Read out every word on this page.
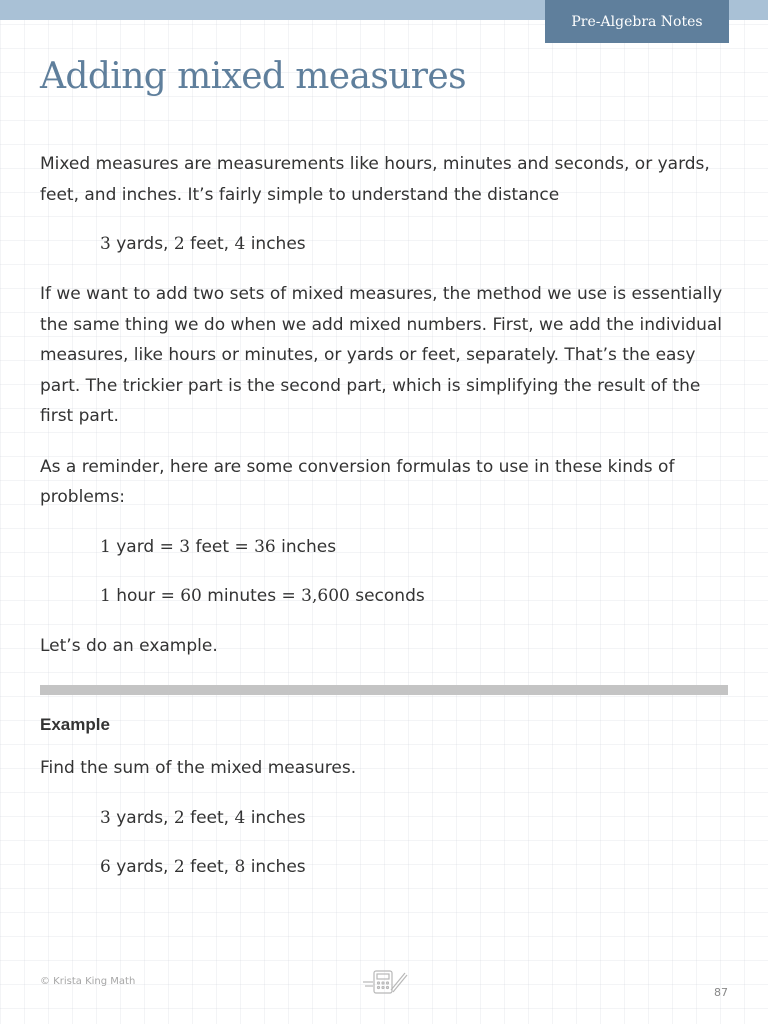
Pre-Algebra Notes
Adding mixed measures

Mixed measures are measurements like hours, minutes and seconds, or yards, feet, and inches. It’s fairly simple to understand the distance

3 yards, 2 feet, 4 inches

If we want to add two sets of mixed measures, the method we use is essentially the same thing we do when we add mixed numbers. First, we add the individual measures, like hours or minutes, or yards or feet, separately. That’s the easy part. The trickier part is the second part, which is simplifying the result of the first part.

As a reminder, here are some conversion formulas to use in these kinds of problems:

1 yard = 3 feet = 36 inches

1 hour = 60 minutes = 3,600 seconds

Let’s do an example.

Example

Find the sum of the mixed measures.

3 yards, 2 feet, 4 inches

6 yards, 2 feet, 8 inches

© Krista King Math
87
